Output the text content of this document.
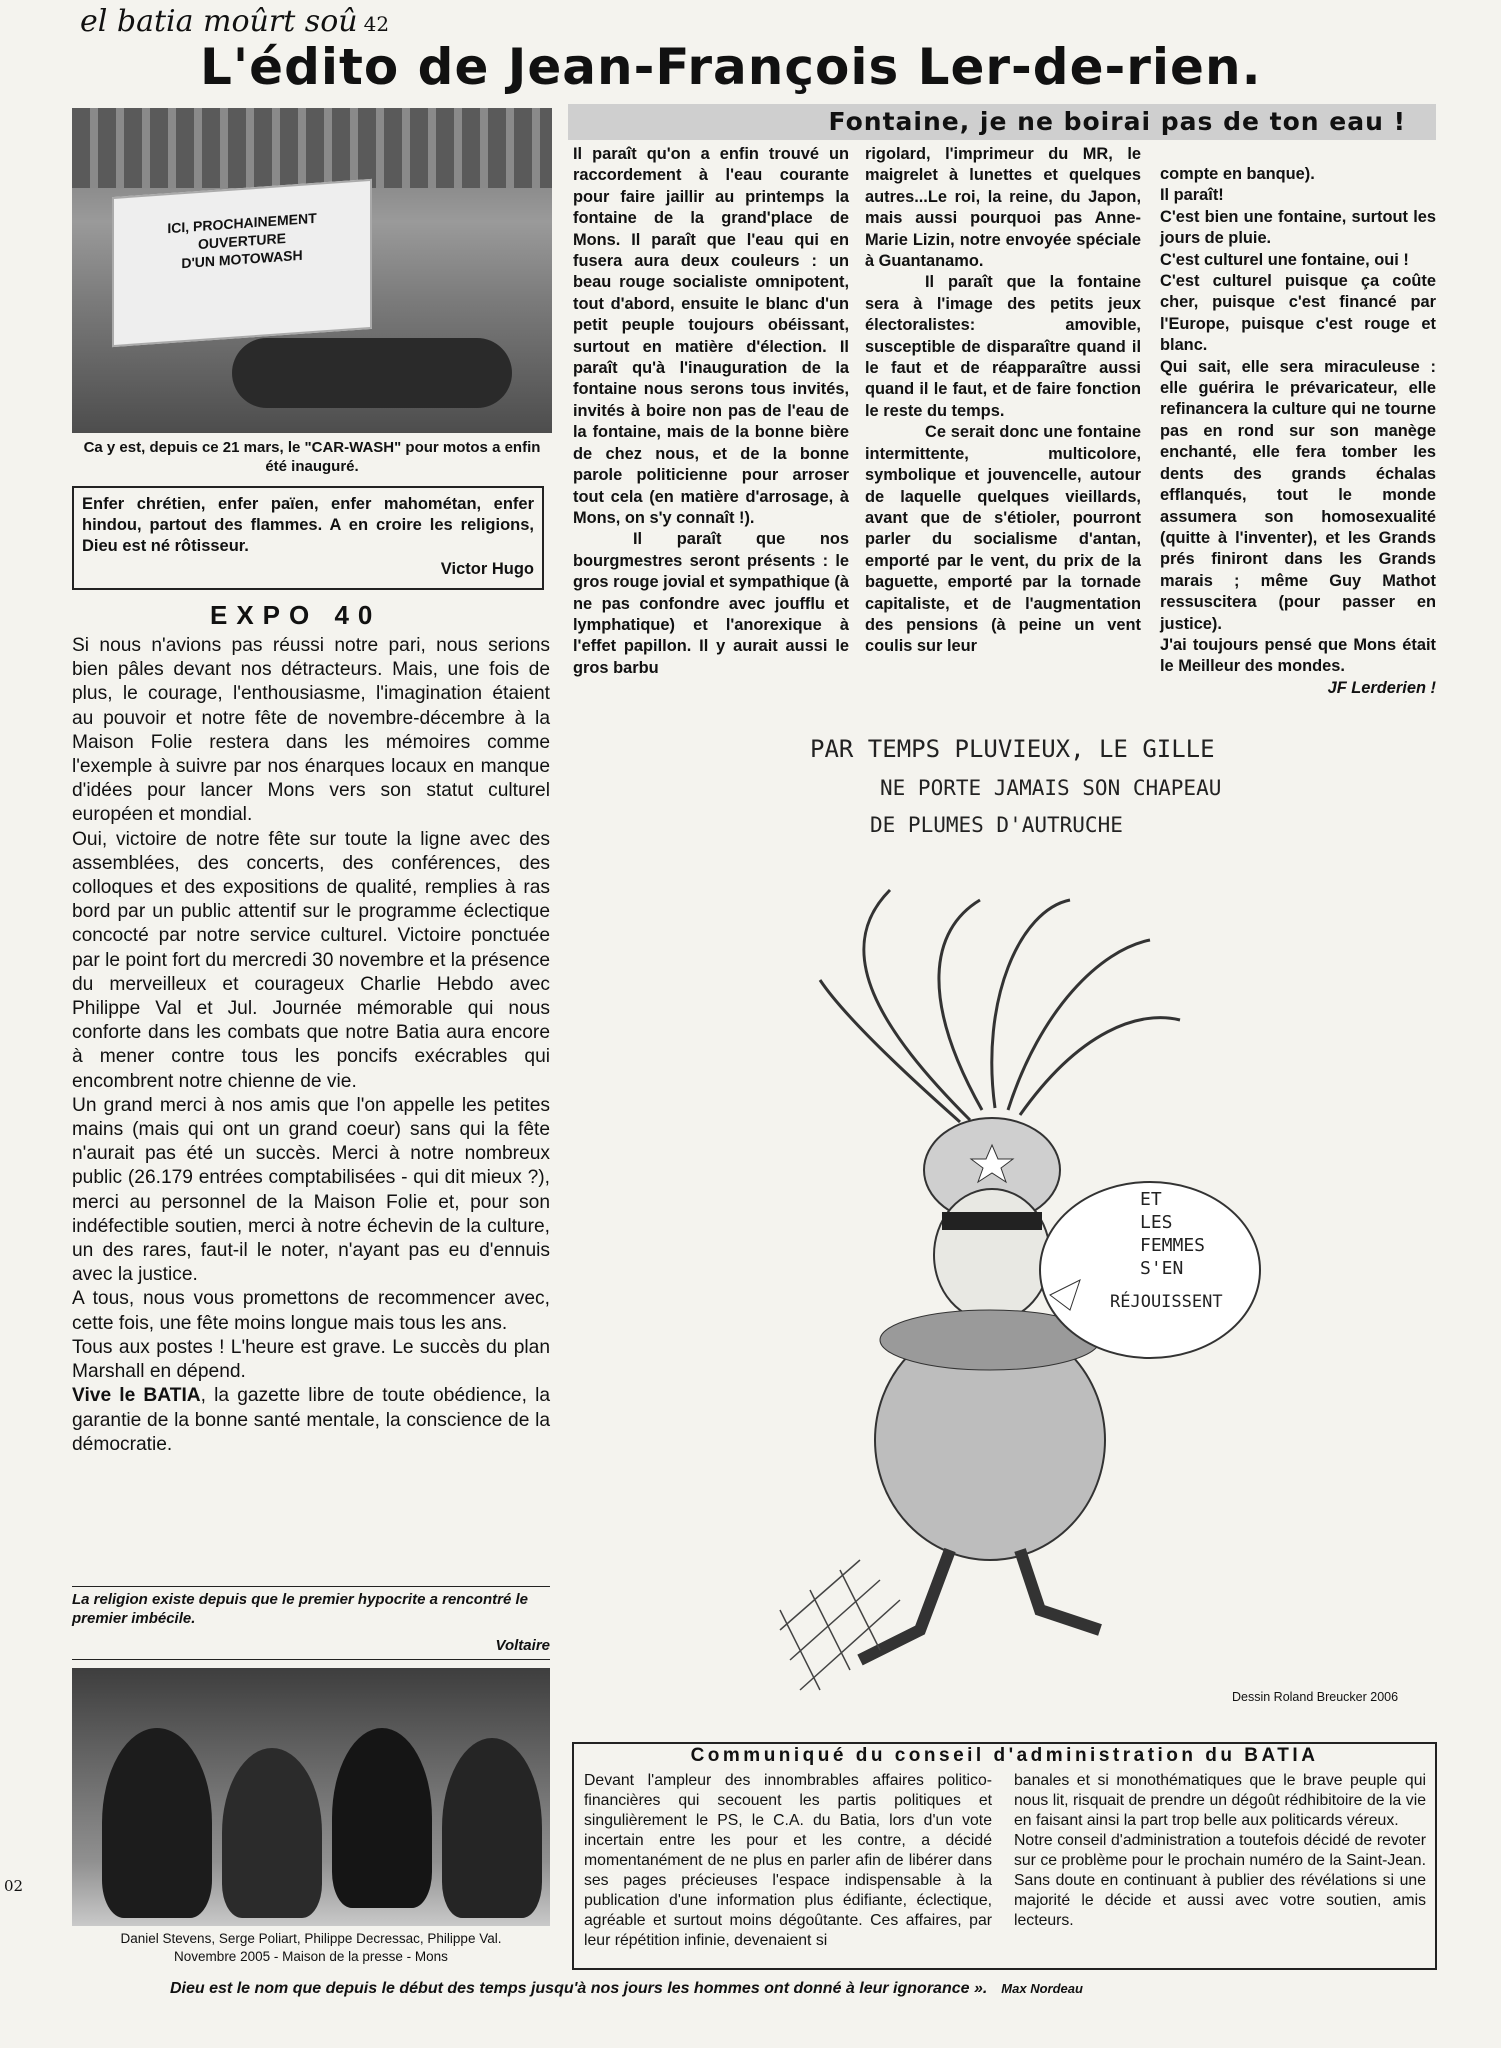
el batia moûrt soû 42
L'édito de Jean-François Ler-de-rien.
ICI, PROCHAINEMENT
OUVERTURE
D'UN MOTOWASH
Ca y est, depuis ce 21 mars, le "CAR-WASH" pour motos a enfin été inauguré.
Enfer chrétien, enfer païen, enfer mahométan, enfer hindou, partout des flammes. A en croire les religions, Dieu est né rôtisseur.
Victor Hugo
EXPO 40

Si nous n'avions pas réussi notre pari, nous serions bien pâles devant nos détracteurs. Mais, une fois de plus, le courage, l'enthousiasme, l'imagination étaient au pouvoir et notre fête de novembre-décembre à la Maison Folie restera dans les mémoires comme l'exemple à suivre par nos énarques locaux en manque d'idées pour lancer Mons vers son statut culturel européen et mondial.

Oui, victoire de notre fête sur toute la ligne avec des assemblées, des concerts, des conférences, des colloques et des expositions de qualité, remplies à ras bord par un public attentif sur le programme éclectique concocté par notre service culturel. Victoire ponctuée par le point fort du mercredi 30 novembre et la présence du merveilleux et courageux Charlie Hebdo avec Philippe Val et Jul. Journée mémorable qui nous conforte dans les combats que notre Batia aura encore à mener contre tous les poncifs exécrables qui encombrent notre chienne de vie.

Un grand merci à nos amis que l'on appelle les petites mains (mais qui ont un grand coeur) sans qui la fête n'aurait pas été un succès. Merci à notre nombreux public (26.179 entrées comptabilisées - qui dit mieux ?), merci au personnel de la Maison Folie et, pour son indéfectible soutien, merci à notre échevin de la culture, un des rares, faut-il le noter, n'ayant pas eu d'ennuis avec la justice.

A tous, nous vous promettons de recommencer avec, cette fois, une fête moins longue mais tous les ans.

Tous aux postes ! L'heure est grave. Le succès du plan Marshall en dépend.

Vive le BATIA, la gazette libre de toute obédience, la garantie de la bonne santé mentale, la conscience de la démocratie.

La religion existe depuis que le premier hypocrite a rencontré le premier imbécile.
Voltaire
Daniel Stevens, Serge Poliart, Philippe Decressac, Philippe Val.
Novembre 2005 - Maison de la presse - Mons
02
Fontaine, je ne boirai pas de ton eau !

Il paraît qu'on a enfin trouvé un raccordement à l'eau courante pour faire jaillir au printemps la fontaine de la grand'place de Mons. Il paraît que l'eau qui en fusera aura deux couleurs : un beau rouge socialiste omnipotent, tout d'abord, ensuite le blanc d'un petit peuple toujours obéissant, surtout en matière d'élection. Il paraît qu'à l'inauguration de la fontaine nous serons tous invités, invités à boire non pas de l'eau de la fontaine, mais de la bonne bière de chez nous, et de la bonne parole politicienne pour arroser tout cela (en matière d'arrosage, à Mons, on s'y connaît !).

Il paraît que nos bourgmestres seront présents : le gros rouge jovial et sympathique (à ne pas confondre avec joufflu et lymphatique) et l'anorexique à l'effet papillon. Il y aurait aussi le gros barbu

rigolard, l'imprimeur du MR, le maigrelet à lunettes et quelques autres...Le roi, la reine, du Japon, mais aussi pourquoi pas Anne-Marie Lizin, notre envoyée spéciale à Guantanamo.

Il paraît que la fontaine sera à l'image des petits jeux électoralistes: amovible, susceptible de disparaître quand il le faut et de réapparaître aussi quand il le faut, et de faire fonction le reste du temps.

Ce serait donc une fontaine intermittente, multicolore, symbolique et jouvencelle, autour de laquelle quelques vieillards, avant que de s'étioler, pourront parler du socialisme d'antan, emporté par le vent, du prix de la baguette, emporté par la tornade capitaliste, et de l'augmentation des pensions (à peine un vent coulis sur leur

compte en banque).

Il paraît!

C'est bien une fontaine, surtout les jours de pluie.

C'est culturel une fontaine, oui !

C'est culturel puisque ça coûte cher, puisque c'est financé par l'Europe, puisque c'est rouge et blanc.

Qui sait, elle sera miraculeuse : elle guérira le prévaricateur, elle refinancera la culture qui ne tourne pas en rond sur son manège enchanté, elle fera tomber les dents des grands échalas efflanqués, tout le monde assumera son homosexualité (quitte à l'inventer), et les Grands prés finiront dans les Grands marais ; même Guy Mathot ressuscitera (pour passer en justice).

J'ai toujours pensé que Mons était le Meilleur des mondes.

JF Lerderien !
PAR TEMPS PLUVIEUX, LE GILLE
NE PORTE JAMAIS SON CHAPEAU
DE PLUMES D'AUTRUCHE
ET
LES
FEMMES
S'EN
RÉJOUISSENT
Dessin Roland Breucker 2006
Communiqué du conseil d'administration du BATIA
Devant l'ampleur des innombrables affaires politico-financières qui secouent les partis politiques et singulièrement le PS, le C.A. du Batia, lors d'un vote incertain entre les pour et les contre, a décidé momentanément de ne plus en parler afin de libérer dans ses pages précieuses l'espace indispensable à la publication d'une information plus édifiante, éclectique, agréable et surtout moins dégoûtante. Ces affaires, par leur répétition infinie, devenaient si

banales et si monothématiques que le brave peuple qui nous lit, risquait de prendre un dégoût rédhibitoire de la vie en faisant ainsi la part trop belle aux politicards véreux.

Notre conseil d'administration a toutefois décidé de revoter sur ce problème pour le prochain numéro de la Saint-Jean. Sans doute en continuant à publier des révélations si une majorité le décide et aussi avec votre soutien, amis lecteurs.

Dieu est le nom que depuis le début des temps jusqu'à nos jours les hommes ont donné à leur ignorance ». Max Nordeau
